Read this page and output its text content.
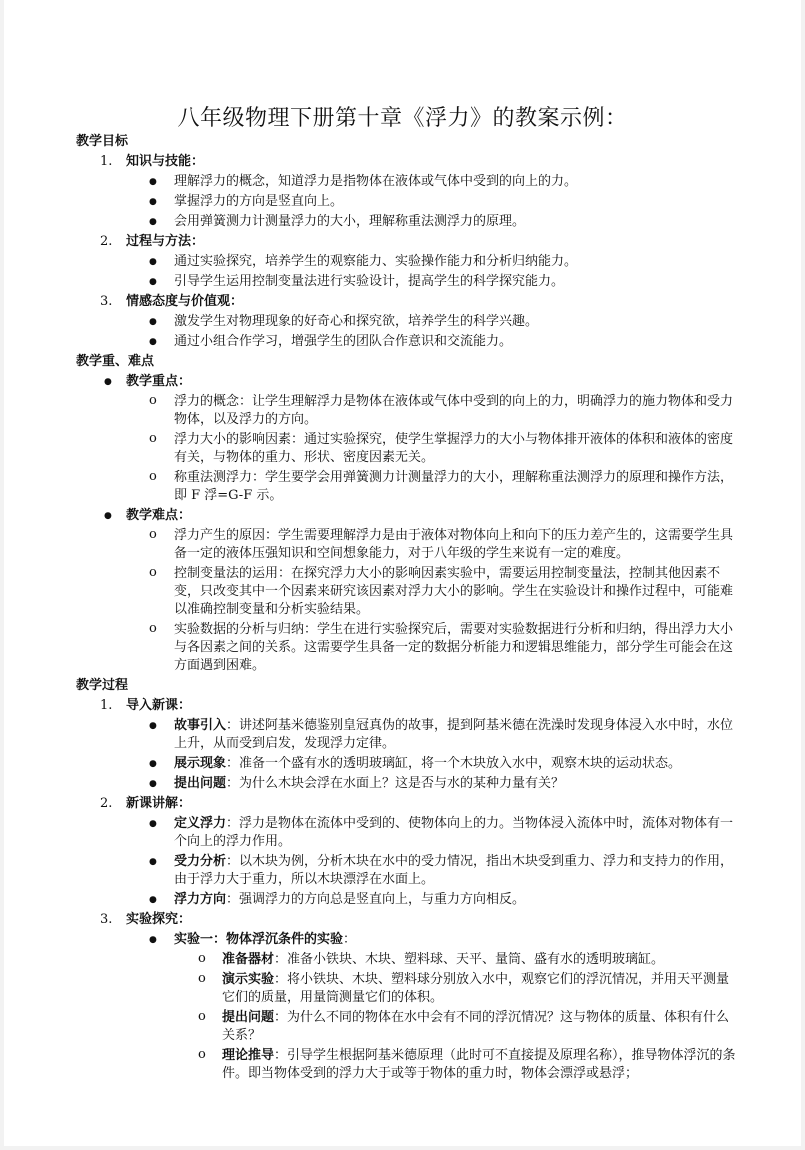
八年级物理下册第十章《浮力》的教案示例：
教学目标
1. 知识与技能：
● 理解浮力的概念，知道浮力是指物体在液体或气体中受到的向上的力。
● 掌握浮力的方向是竖直向上。
● 会用弹簧测力计测量浮力的大小，理解称重法测浮力的原理。
2. 过程与方法：
● 通过实验探究，培养学生的观察能力、实验操作能力和分析归纳能力。
● 引导学生运用控制变量法进行实验设计，提高学生的科学探究能力。
3. 情感态度与价值观：
● 激发学生对物理现象的好奇心和探究欲，培养学生的科学兴趣。
● 通过小组合作学习，增强学生的团队合作意识和交流能力。
教学重、难点
● 教学重点：
o 浮力的概念：让学生理解浮力是物体在液体或气体中受到的向上的力，明确浮力的施力物体和受力物体，以及浮力的方向。
o 浮力大小的影响因素：通过实验探究，使学生掌握浮力的大小与物体排开液体的体积和液体的密度有关，与物体的重力、形状、密度因素无关。
o 称重法测浮力：学生要学会用弹簧测力计测量浮力的大小，理解称重法测浮力的原理和操作方法，即 F 浮=G-F 示。
● 教学难点：
o 浮力产生的原因：学生需要理解浮力是由于液体对物体向上和向下的压力差产生的，这需要学生具备一定的液体压强知识和空间想象能力，对于八年级的学生来说有一定的难度。
o 控制变量法的运用：在探究浮力大小的影响因素实验中，需要运用控制变量法，控制其他因素不变，只改变其中一个因素来研究该因素对浮力大小的影响。学生在实验设计和操作过程中，可能难以准确控制变量和分析实验结果。
o 实验数据的分析与归纳：学生在进行实验探究后，需要对实验数据进行分析和归纳，得出浮力大小与各因素之间的关系。这需要学生具备一定的数据分析能力和逻辑思维能力，部分学生可能会在这方面遇到困难。
教学过程
1. 导入新课：
● 故事引入：讲述阿基米德鉴别皇冠真伪的故事，提到阿基米德在洗澡时发现身体浸入水中时，水位上升，从而受到启发，发现浮力定律。
● 展示现象：准备一个盛有水的透明玻璃缸，将一个木块放入水中，观察木块的运动状态。
● 提出问题：为什么木块会浮在水面上？这是否与水的某种力量有关？
2. 新课讲解：
● 定义浮力：浮力是物体在流体中受到的、使物体向上的力。当物体浸入流体中时，流体对物体有一个向上的浮力作用。
● 受力分析：以木块为例，分析木块在水中的受力情况，指出木块受到重力、浮力和支持力的作用，由于浮力大于重力，所以木块漂浮在水面上。
● 浮力方向：强调浮力的方向总是竖直向上，与重力方向相反。
3. 实验探究：
● 实验一：物体浮沉条件的实验：
o 准备器材：准备小铁块、木块、塑料球、天平、量筒、盛有水的透明玻璃缸。
o 演示实验：将小铁块、木块、塑料球分别放入水中，观察它们的浮沉情况，并用天平测量它们的质量，用量筒测量它们的体积。
o 提出问题：为什么不同的物体在水中会有不同的浮沉情况？这与物体的质量、体积有什么关系？
o 理论推导：引导学生根据阿基米德原理（此时可不直接提及原理名称），推导物体浮沉的条件。即当物体受到的浮力大于或等于物体的重力时，物体会漂浮或悬浮；
